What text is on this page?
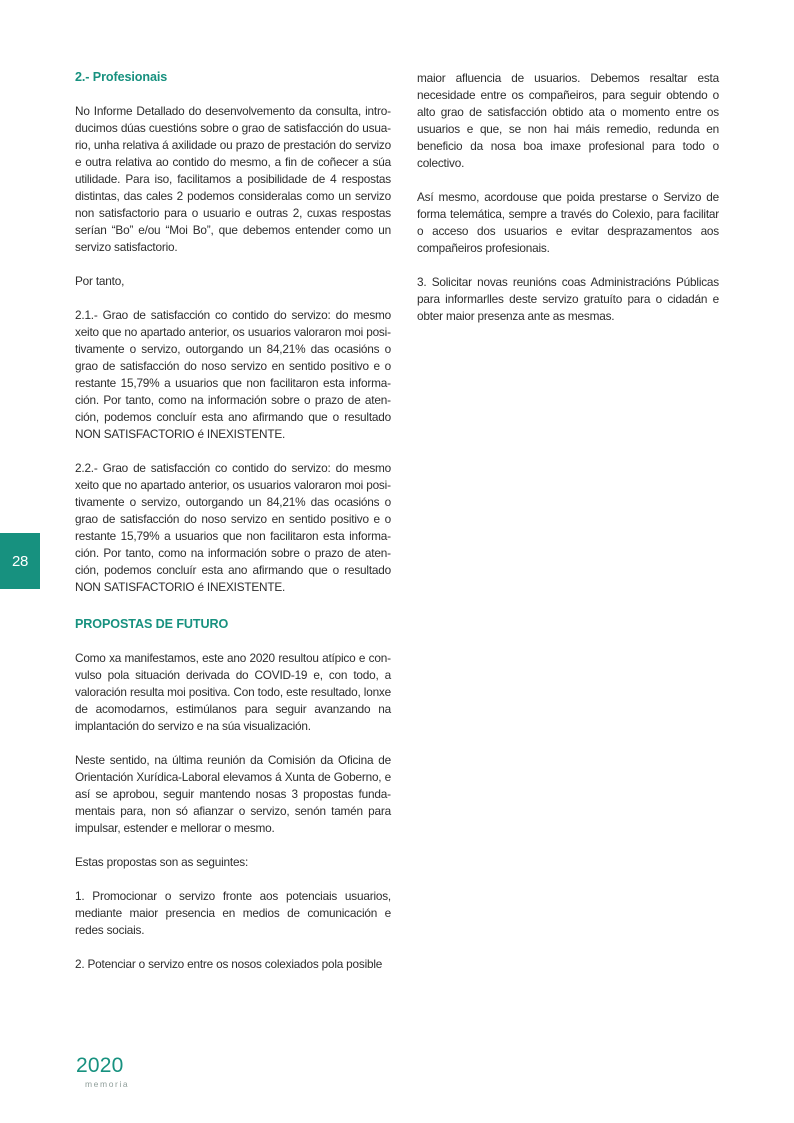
28
2.- Profesionais

No Informe Detallado do desenvolvemento da consulta, introducimos dúas cuestións sobre o grao de satisfacción do usuario, unha relativa á axilidade ou prazo de prestación do servizo e outra relativa ao contido do mesmo, a fin de coñecer a súa utilidade. Para iso, facilitamos a posibilidade de 4 respostas distintas, das cales 2 podemos consideralas como un servizo non satisfactorio para o usuario e outras 2, cuxas respostas serían “Bo” e/ou “Moi Bo”, que debemos entender como un servizo satisfactorio.

Por tanto,

2.1.- Grao de satisfacción co contido do servizo: do mesmo xeito que no apartado anterior, os usuarios valoraron moi positivamente o servizo, outorgando un 84,21% das ocasións o grao de satisfacción do noso servizo en sentido positivo e o restante 15,79% a usuarios que non facilitaron esta información. Por tanto, como na información sobre o prazo de atención, podemos concluír esta ano afirmando que o resultado NON SATISFACTORIO é INEXISTENTE.

2.2.- Grao de satisfacción co contido do servizo: do mesmo xeito que no apartado anterior, os usuarios valoraron moi positivamente o servizo, outorgando un 84,21% das ocasións o grao de satisfacción do noso servizo en sentido positivo e o restante 15,79% a usuarios que non facilitaron esta información. Por tanto, como na información sobre o prazo de atención, podemos concluír esta ano afirmando que o resultado NON SATISFACTORIO é INEXISTENTE.

PROPOSTAS DE FUTURO

Como xa manifestamos, este ano 2020 resultou atípico e convulso pola situación derivada do COVID-19 e, con todo, a valoración resulta moi positiva. Con todo, este resultado, lonxe de acomodarnos, estimúlanos para seguir avanzando na implantación do servizo e na súa visualización.

Neste sentido, na última reunión da Comisión da Oficina de Orientación Xurídica-Laboral elevamos á Xunta de Goberno, e así se aprobou, seguir mantendo nosas 3 propostas fundamentais para, non só afianzar o servizo, senón tamén para impulsar, estender e mellorar o mesmo.

Estas propostas son as seguintes:

1. Promocionar o servizo fronte aos potenciais usuarios, mediante maior presencia en medios de comunicación e redes sociais.

2. Potenciar o servizo entre os nosos colexiados pola posible

maior afluencia de usuarios. Debemos resaltar esta necesidade entre os compañeiros, para seguir obtendo o alto grao de satisfacción obtido ata o momento entre os usuarios e que, se non hai máis remedio, redunda en beneficio da nosa boa imaxe profesional para todo o colectivo.

Así mesmo, acordouse que poida prestarse o Servizo de forma telemática, sempre a través do Colexio, para facilitar o acceso dos usuarios e evitar desprazamentos aos compañeiros profesionais.

3. Solicitar novas reunións coas Administracións Públicas para informarlles deste servizo gratuíto para o cidadán e obter maior presenza ante as mesmas.

2020
memoria
